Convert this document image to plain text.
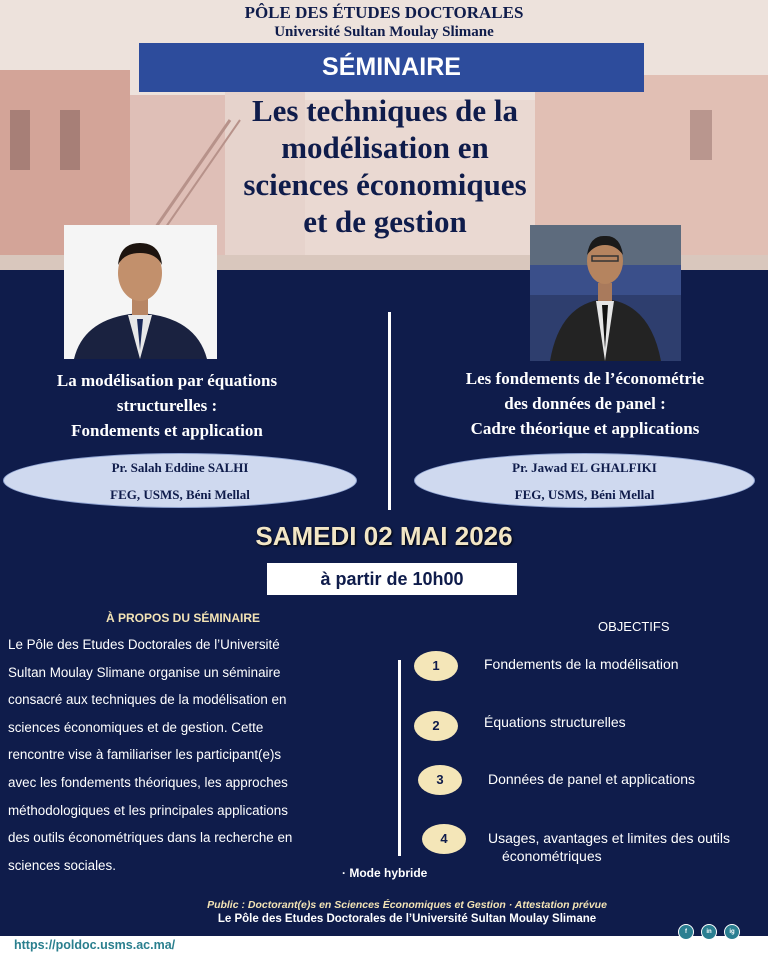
PÔLE DES ÉTUDES DOCTORALES
Université Sultan Moulay Slimane
SÉMINAIRE
Les techniques de la
modélisation en
sciences économiques
et de gestion
La modélisation par équations
structurelles :
Fondements et application
Pr. Salah Eddine SALHI
FEG, USMS, Béni Mellal
Les fondements de l’économétrie
des données de panel :
Cadre théorique et applications
Pr. Jawad EL GHALFIKI
FEG, USMS, Béni Mellal
SAMEDI 02 MAI 2026
à partir de 10h00
À PROPOS DU SÉMINAIRE
Le Pôle des Etudes Doctorales de l’Université
Sultan Moulay Slimane organise un séminaire
consacré aux techniques de la modélisation en
sciences économiques et de gestion. Cette
rencontre vise à familiariser les participant(e)s
avec les fondements théoriques, les approches
méthodologiques et les principales applications
des outils économétriques dans la recherche en
sciences sociales.
· Mode hybride
OBJECTIFS
1	Fondements de la modélisation
2	Équations structurelles
3	Données de panel et applications
4	Usages, avantages et limites des outils
économétriques
Public : Doctorant(e)s en Sciences Économiques et Gestion · Attestation prévue
Le Pôle des Etudes Doctorales de l’Université Sultan Moulay Slimane
f	in	ig
https://poldoc.usms.ac.ma/
